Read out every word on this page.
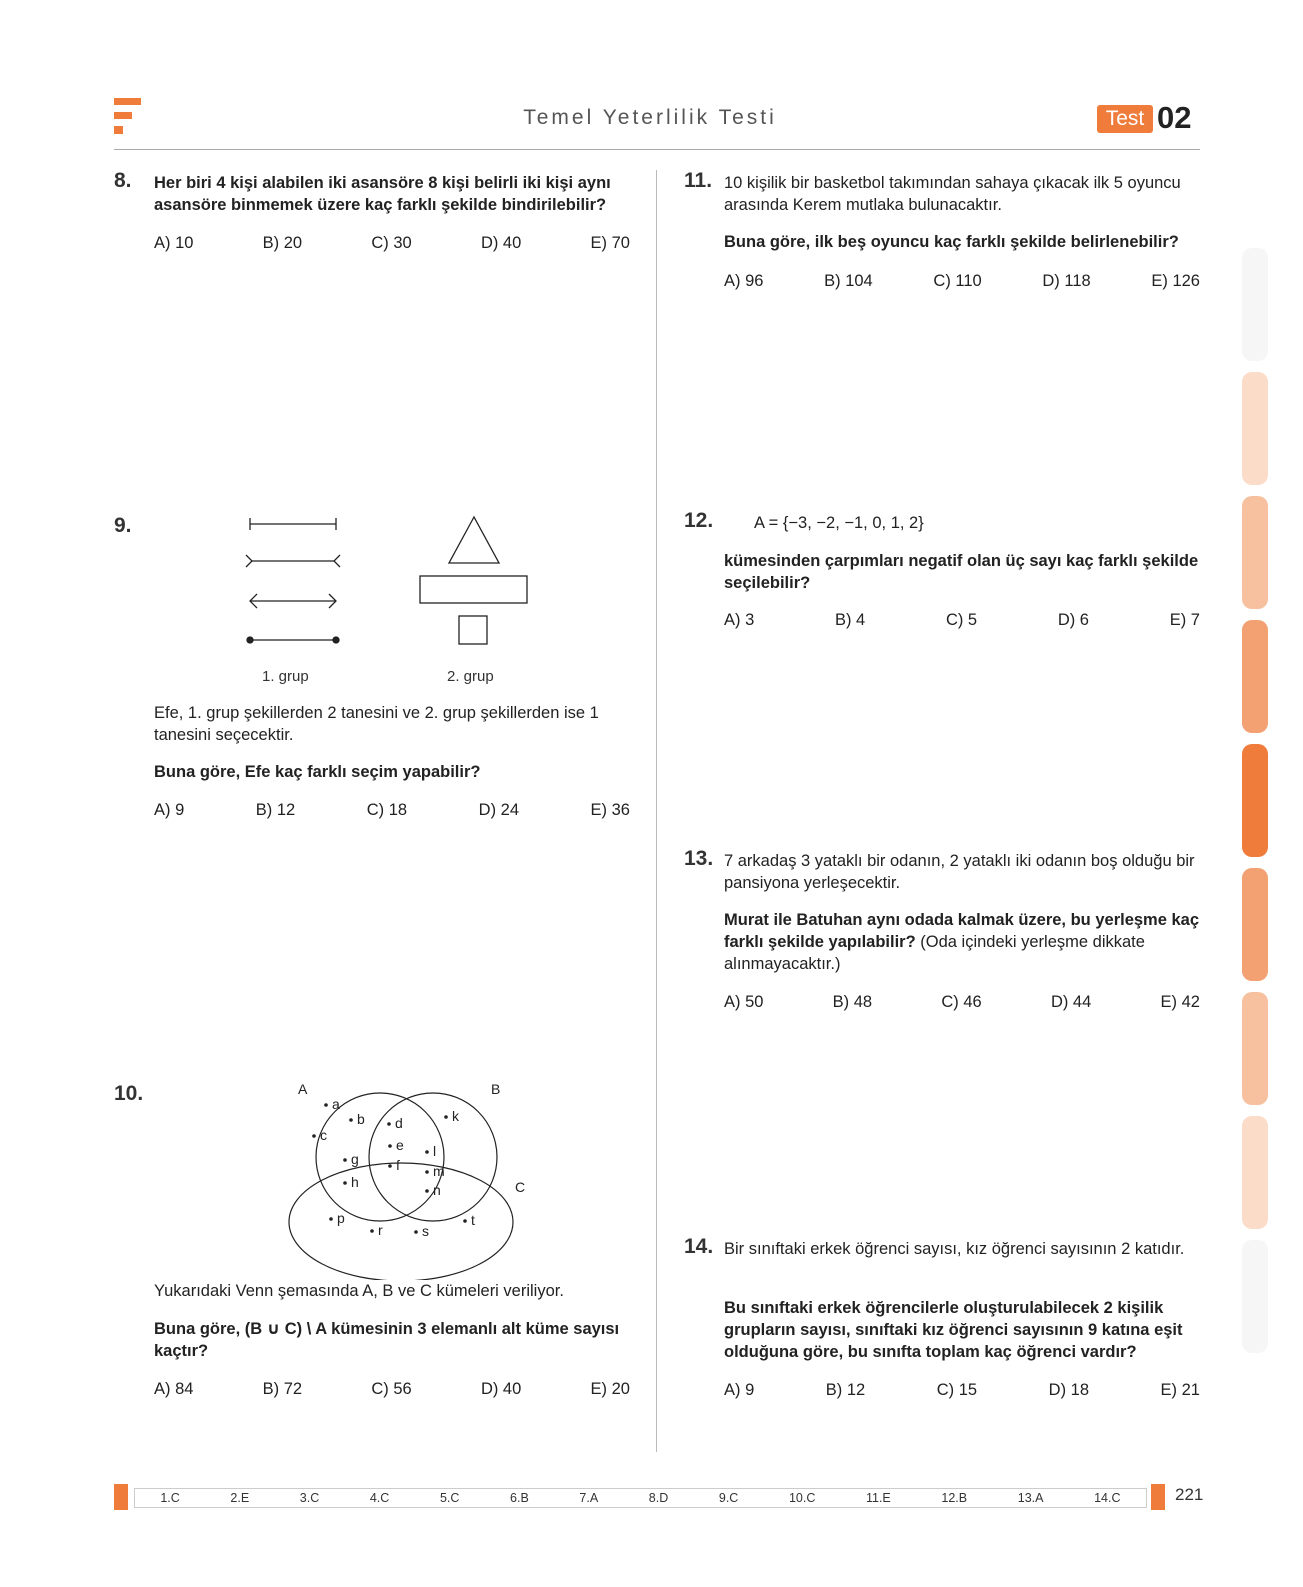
Temel Yeterlilik Testi	Test 02
8. Her biri 4 kişi alabilen iki asansöre 8 kişi belirli iki kişi aynı asansöre binmemek üzere kaç farklı şekilde bindirilebilir?
A) 10	B) 20	C) 30	D) 40	E) 70
9.
1. grup	2. grup
Efe, 1. grup şekillerden 2 tanesini ve 2. grup şekillerden ise 1 tanesini seçecektir.
Buna göre, Efe kaç farklı seçim yapabilir?
A) 9	B) 12	C) 18	D) 24	E) 36
10.	A	B
C
a
b
c
d
e
f
g
h
k
l
m
n
p
r	s
t
Yukarıdaki Venn şemasında A, B ve C kümeleri veriliyor.
Buna göre, (B ∪ C) \ A kümesinin 3 elemanlı alt küme sayısı kaçtır?
A) 84	B) 72	C) 56	D) 40	E) 20
11. 10 kişilik bir basketbol takımından sahaya çıkacak ilk 5 oyuncu arasında Kerem mutlaka bulunacaktır.
Buna göre, ilk beş oyuncu kaç farklı şekilde belirlenebilir?
A) 96	B) 104	C) 110	D) 118	E) 126
12. A = {−3, −2, −1, 0, 1, 2}
kümesinden çarpımları negatif olan üç sayı kaç farklı şekilde seçilebilir?
A) 3	B) 4	C) 5	D) 6	E) 7
13. 7 arkadaş 3 yataklı bir odanın, 2 yataklı iki odanın boş olduğu bir pansiyona yerleşecektir.
Murat ile Batuhan aynı odada kalmak üzere, bu yerleşme kaç farklı şekilde yapılabilir? (Oda içindeki yerleşme dikkate alınmayacaktır.)
A) 50	B) 48	C) 46	D) 44	E) 42
14. Bir sınıftaki erkek öğrenci sayısı, kız öğrenci sayısının 2 katıdır.
Bu sınıftaki erkek öğrencilerle oluşturulabilecek 2 kişilik grupların sayısı, sınıftaki kız öğrenci sayısının 9 katına eşit olduğuna göre, bu sınıfta toplam kaç öğrenci vardır?
A) 9	B) 12	C) 15	D) 18	E) 21
1.C	2.E	3.C	4.C	5.C	6.B	7.A	8.D	9.C	10.C	11.E	12.B	13.A	14.C	221
